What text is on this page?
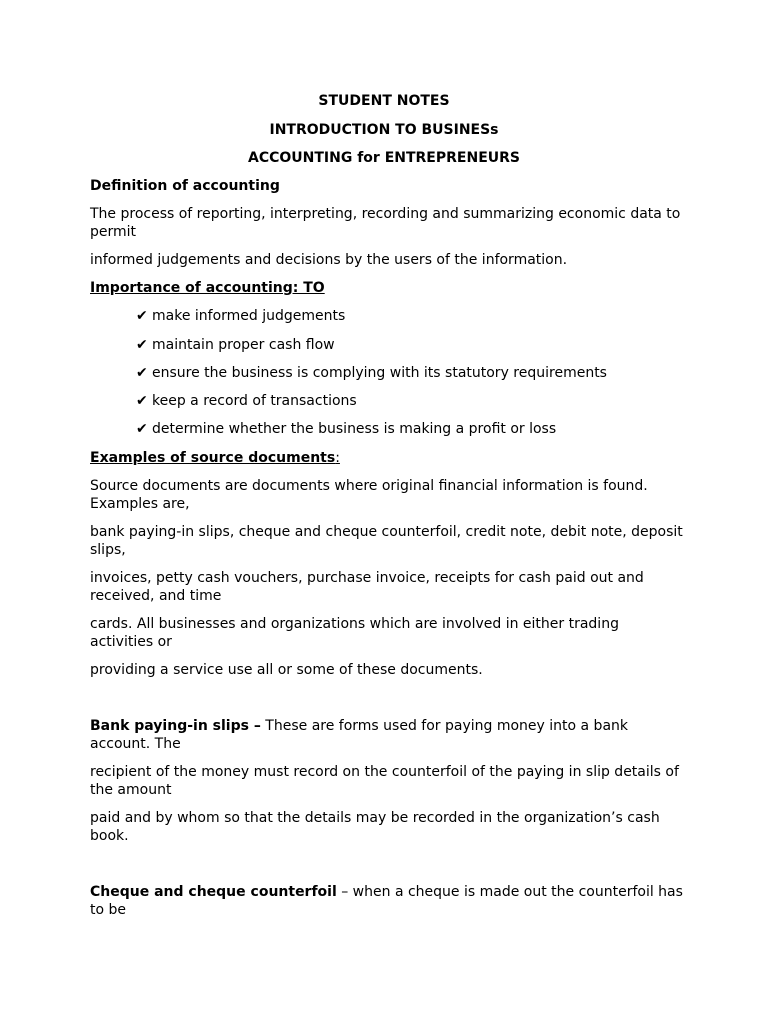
STUDENT NOTES
INTRODUCTION TO BUSINESs
ACCOUNTING for ENTREPRENEURS
Definition of accounting
The process of reporting, interpreting, recording and summarizing economic data to
permit
informed judgements and decisions by the users of the information.
Importance of accounting: TO
✔ make informed judgements
✔ maintain proper cash flow
✔ ensure the business is complying with its statutory requirements
✔ keep a record of transactions
✔ determine whether the business is making a profit or loss
Examples of source documents:
Source documents are documents where original financial information is found.
Examples are,
bank paying-in slips, cheque and cheque counterfoil, credit note, debit note, deposit
slips,
invoices, petty cash vouchers, purchase invoice, receipts for cash paid out and
received, and time
cards. All businesses and organizations which are involved in either trading
activities or
providing a service use all or some of these documents.
Bank paying-in slips – These are forms used for paying money into a bank
account. The
recipient of the money must record on the counterfoil of the paying in slip details of
the amount
paid and by whom so that the details may be recorded in the organization’s cash
book.
Cheque and cheque counterfoil – when a cheque is made out the counterfoil has
to be
